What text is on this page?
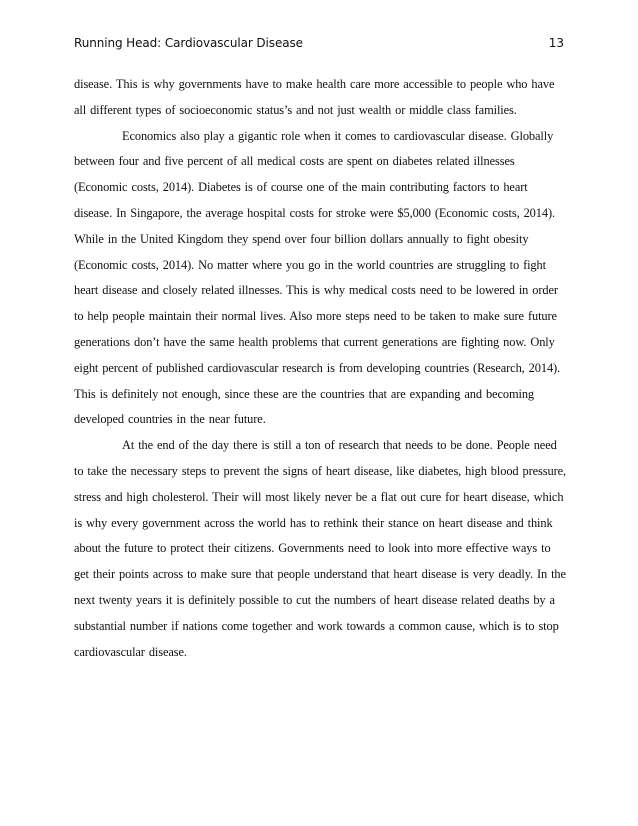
Running Head: Cardiovascular Disease	13

disease. This is why governments have to make health care more accessible to people who have all different types of socioeconomic status’s and not just wealth or middle class families.

Economics also play a gigantic role when it comes to cardiovascular disease. Globally between four and five percent of all medical costs are spent on diabetes related illnesses (Economic costs, 2014). Diabetes is of course one of the main contributing factors to heart disease. In Singapore, the average hospital costs for stroke were $5,000 (Economic costs, 2014). While in the United Kingdom they spend over four billion dollars annually to fight obesity (Economic costs, 2014). No matter where you go in the world countries are struggling to fight heart disease and closely related illnesses. This is why medical costs need to be lowered in order to help people maintain their normal lives. Also more steps need to be taken to make sure future generations don’t have the same health problems that current generations are fighting now. Only eight percent of published cardiovascular research is from developing countries (Research, 2014). This is definitely not enough, since these are the countries that are expanding and becoming developed countries in the near future.

At the end of the day there is still a ton of research that needs to be done. People need to take the necessary steps to prevent the signs of heart disease, like diabetes, high blood pressure, stress and high cholesterol. Their will most likely never be a flat out cure for heart disease, which is why every government across the world has to rethink their stance on heart disease and think about the future to protect their citizens. Governments need to look into more effective ways to get their points across to make sure that people understand that heart disease is very deadly. In the next twenty years it is definitely possible to cut the numbers of heart disease related deaths by a substantial number if nations come together and work towards a common cause, which is to stop cardiovascular disease.
